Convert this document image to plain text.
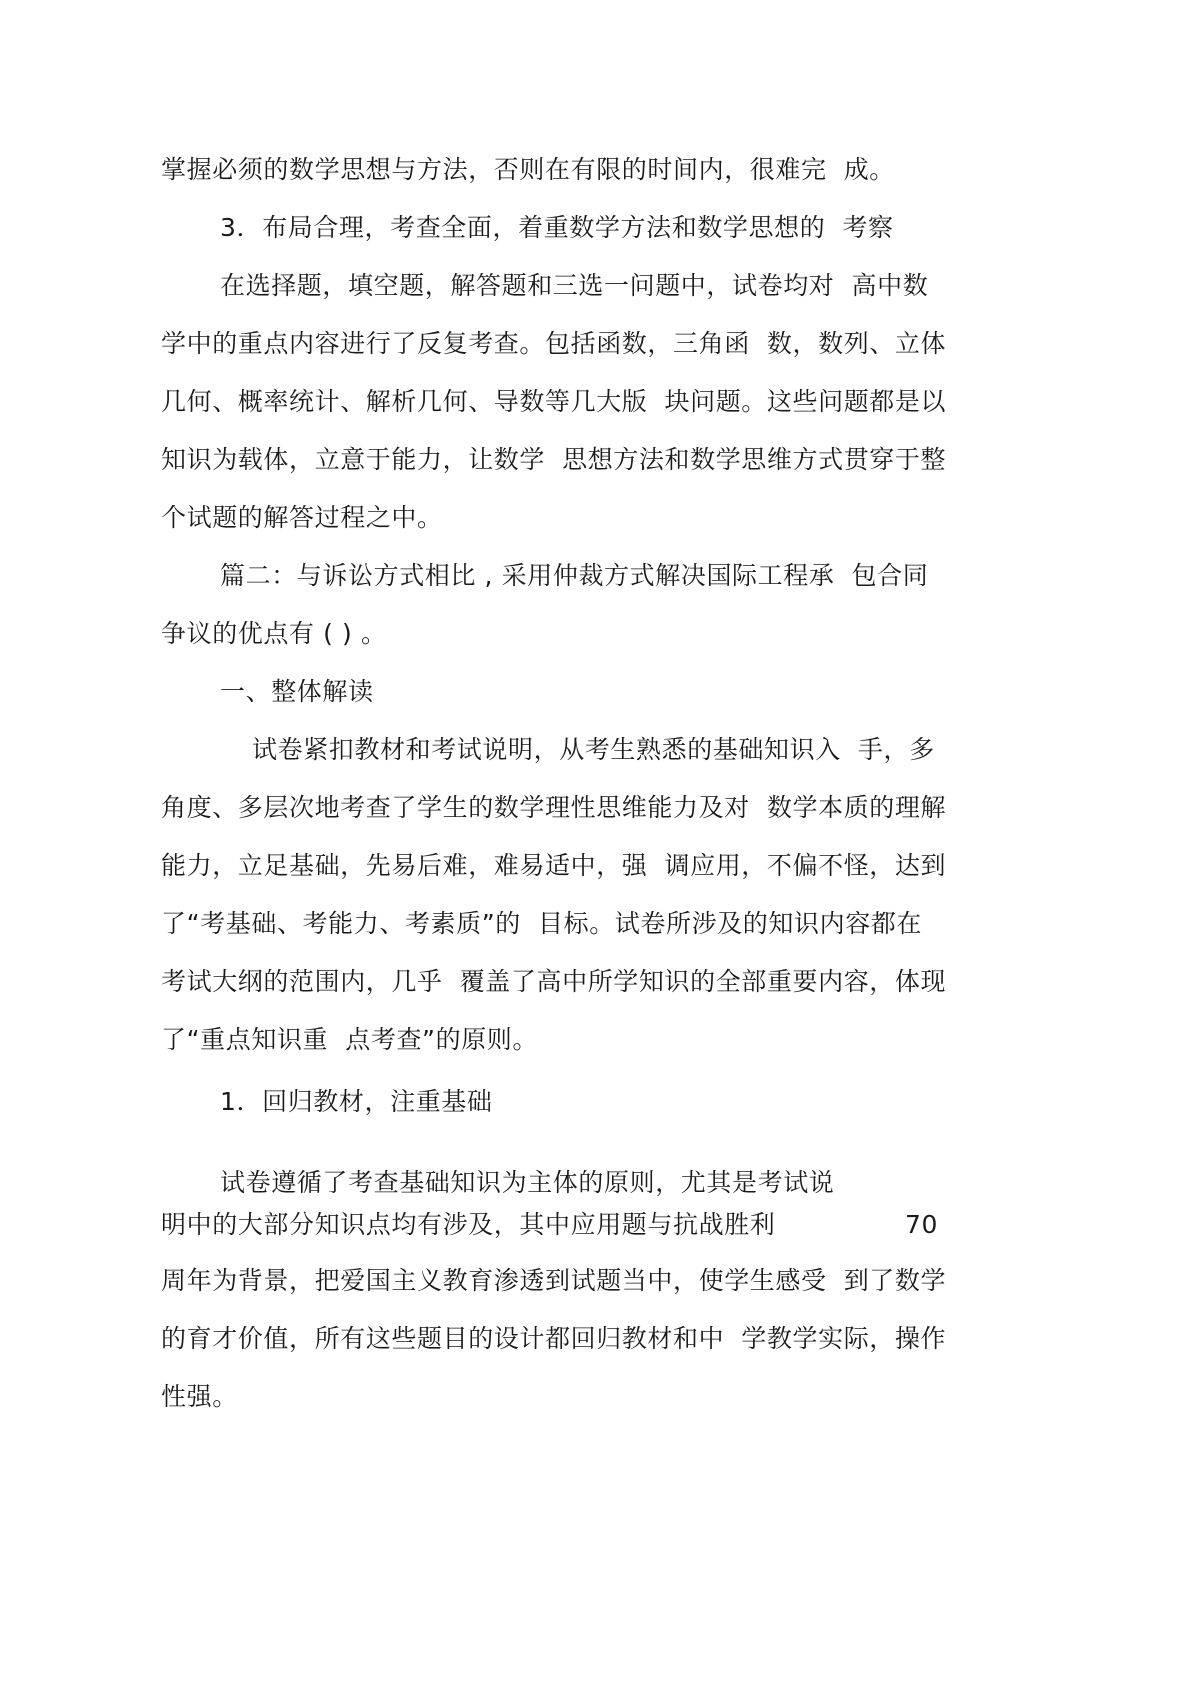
掌握必须的数学思想与方法，否则在有限的时间内，很难完  成。
3．布局合理，考查全面，着重数学方法和数学思想的  考察
在选择题，填空题，解答题和三选一问题中，试卷均对  高中数
学中的重点内容进行了反复考查。包括函数，三角函  数，数列、立体
几何、概率统计、解析几何、导数等几大版  块问题。这些问题都是以
知识为载体，立意于能力，让数学  思想方法和数学思维方式贯穿于整
个试题的解答过程之中。
篇二：与诉讼方式相比 , 采用仲裁方式解决国际工程承  包合同
争议的优点有 ( ) 。
一、整体解读
试卷紧扣教材和考试说明，从考生熟悉的基础知识入  手，多
角度、多层次地考查了学生的数学理性思维能力及对  数学本质的理解
能力，立足基础，先易后难，难易适中，强  调应用，不偏不怪，达到
了“考基础、考能力、考素质”的  目标。试卷所涉及的知识内容都在
考试大纲的范围内，几乎  覆盖了高中所学知识的全部重要内容，体现
了“重点知识重  点考查”的原则。
1．回归教材，注重基础
试卷遵循了考查基础知识为主体的原则，尤其是考试说
明中的大部分知识点均有涉及，其中应用题与抗战胜利	70
周年为背景，把爱国主义教育渗透到试题当中，使学生感受  到了数学
的育才价值，所有这些题目的设计都回归教材和中  学教学实际，操作
性强。
